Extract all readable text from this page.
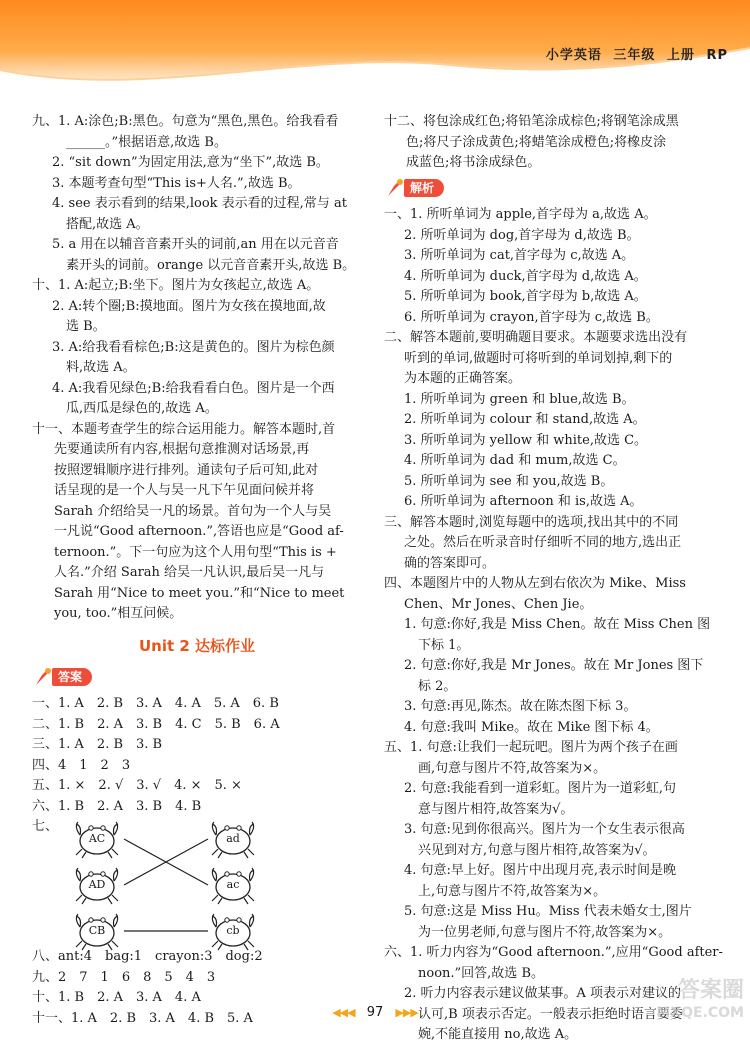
小学英语 三年级 上册 RP
九、1. A:涂色;B:黑色。句意为“黑色,黑色。给我看看
______。”根据语意,故选 B。
2. “sit down”为固定用法,意为“坐下”,故选 B。
3. 本题考查句型“This is+人名.”,故选 B。
4. see 表示看到的结果,look 表示看的过程,常与 at
搭配,故选 A。
5. a 用在以辅音音素开头的词前,an 用在以元音音
素开头的词前。orange 以元音音素开头,故选 B。
十、1. A:起立;B:坐下。图片为女孩起立,故选 A。
2. A:转个圈;B:摸地面。图片为女孩在摸地面,故
选 B。
3. A:给我看看棕色;B:这是黄色的。图片为棕色颜
料,故选 A。
4. A:我看见绿色;B:给我看看白色。图片是一个西
瓜,西瓜是绿色的,故选 A。
十一、本题考查学生的综合运用能力。解答本题时,首
先要通读所有内容,根据句意推测对话场景,再
按照逻辑顺序进行排列。通读句子后可知,此对
话呈现的是一个人与吴一凡下午见面问候并将
Sarah 介绍给吴一凡的场景。首句为一个人与吴
一凡说“Good afternoon.”,答语也应是“Good af-
ternoon.”。下一句应为这个人用句型“This is +
人名.”介绍 Sarah 给吴一凡认识,最后吴一凡与
Sarah 用“Nice to meet you.”和“Nice to meet
you, too.”相互问候。
Unit 2 达标作业
答案
一、1. A　2. B　3. A　4. A　5. A　6. B
二、1. B　2. A　3. B　4. C　5. B　6. A
三、1. A　2. B　3. B
四、4　1　2　3
五、1. ×　2. √　3. √　4. ×　5. ×
六、1. B　2. A　3. B　4. B
七、
AC
AD
CB
ad
ac
cb
八、ant:4　bag:1　crayon:3　dog:2
九、2　7　1　6　8　5　4　3
十、1. B　2. A　3. A　4. A
十一、1. A　2. B　3. A　4. B　5. A
十二、将包涂成红色;将铅笔涂成棕色;将钢笔涂成黑
色;将尺子涂成黄色;将蜡笔涂成橙色;将橡皮涂
成蓝色;将书涂成绿色。
解析
一、1. 所听单词为 apple,首字母为 a,故选 A。
2. 所听单词为 dog,首字母为 d,故选 B。
3. 所听单词为 cat,首字母为 c,故选 A。
4. 所听单词为 duck,首字母为 d,故选 A。
5. 所听单词为 book,首字母为 b,故选 A。
6. 所听单词为 crayon,首字母为 c,故选 B。
二、解答本题前,要明确题目要求。本题要求选出没有
听到的单词,做题时可将听到的单词划掉,剩下的
为本题的正确答案。
1. 所听单词为 green 和 blue,故选 B。
2. 所听单词为 colour 和 stand,故选 A。
3. 所听单词为 yellow 和 white,故选 C。
4. 所听单词为 dad 和 mum,故选 C。
5. 所听单词为 see 和 you,故选 B。
6. 所听单词为 afternoon 和 is,故选 A。
三、解答本题时,浏览每题中的选项,找出其中的不同
之处。然后在听录音时仔细听不同的地方,选出正
确的答案即可。
四、本题图片中的人物从左到右依次为 Mike、Miss
Chen、Mr Jones、Chen Jie。
1. 句意:你好,我是 Miss Chen。故在 Miss Chen 图
下标 1。
2. 句意:你好,我是 Mr Jones。故在 Mr Jones 图下
标 2。
3. 句意:再见,陈杰。故在陈杰图下标 3。
4. 句意:我叫 Mike。故在 Mike 图下标 4。
五、1. 句意:让我们一起玩吧。图片为两个孩子在画
画,句意与图片不符,故答案为×。
2. 句意:我能看到一道彩虹。图片为一道彩虹,句
意与图片相符,故答案为√。
3. 句意:见到你很高兴。图片为一个女生表示很高
兴见到对方,句意与图片相符,故答案为√。
4. 句意:早上好。图片中出现月亮,表示时间是晚
上,句意与图片不符,故答案为×。
5. 句意:这是 Miss Hu。Miss 代表未婚女士,图片
为一位男老师,句意与图片不符,故答案为×。
六、1. 听力内容为“Good afternoon.”,应用“Good after-
noon.”回答,故选 B。
2. 听力内容表示建议做某事。A 项表示对建议的
认可,B 项表示否定。一般表示拒绝时语言要委
婉,不能直接用 no,故选 A。
◀◀◀ 97 ▶▶▶
答案圈
MXQE.COM
